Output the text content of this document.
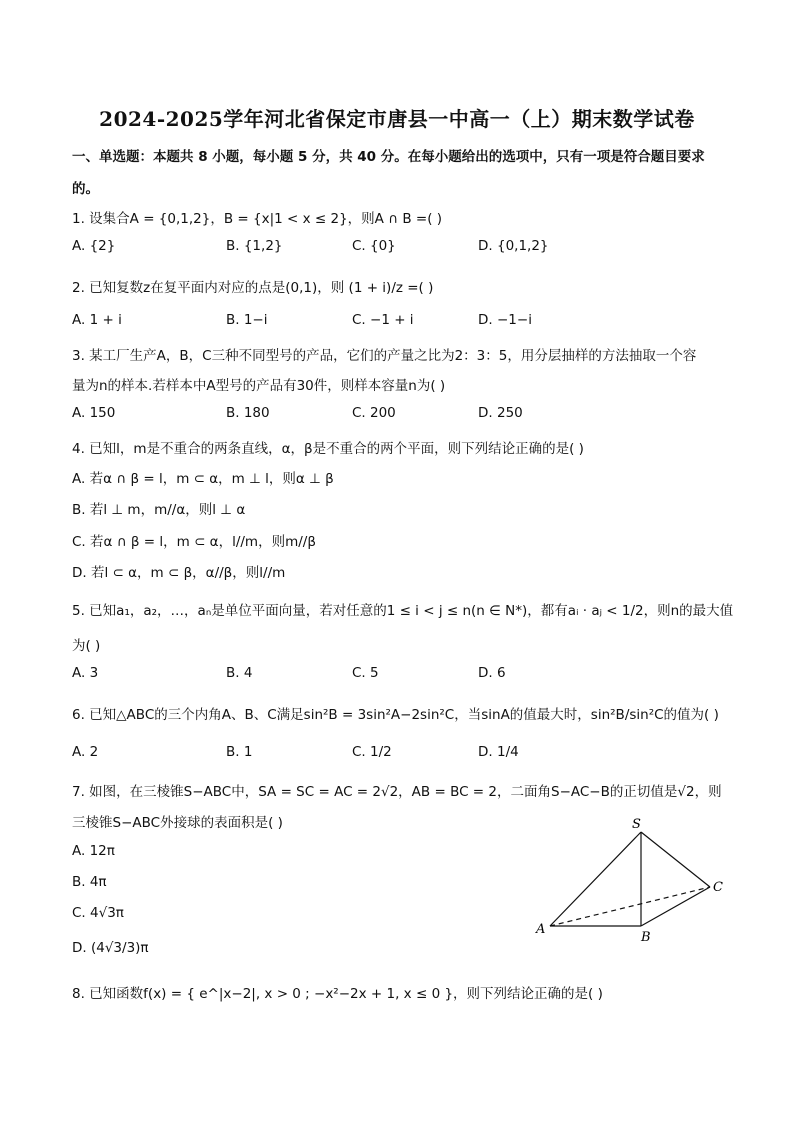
2024-2025学年河北省保定市唐县一中高一（上）期末数学试卷
一、单选题：本题共 8 小题，每小题 5 分，共 40 分。在每小题给出的选项中，只有一项是符合题目要求
的。
1. 设集合A = {0,1,2}，B = {x|1 < x ≤ 2}，则A ∩ B =( )
A. {2}	B. {1,2}	C. {0}	D. {0,1,2}
2. 已知复数z在复平面内对应的点是(0,1)，则 (1 + i)/z =( )
A. 1 + i	B. 1−i	C. −1 + i	D. −1−i
3. 某工厂生产A，B，C三种不同型号的产品，它们的产量之比为2：3：5，用分层抽样的方法抽取一个容
量为n的样本.若样本中A型号的产品有30件，则样本容量n为( )
A. 150	B. 180	C. 200	D. 250
4. 已知l，m是不重合的两条直线，α，β是不重合的两个平面，则下列结论正确的是( )
A. 若α ∩ β = l，m ⊂ α，m ⊥ l，则α ⊥ β
B. 若l ⊥ m，m//α，则l ⊥ α
C. 若α ∩ β = l，m ⊂ α，l//m，则m//β
D. 若l ⊂ α，m ⊂ β，α//β，则l//m
5. 已知a₁，a₂，…，aₙ是单位平面向量，若对任意的1 ≤ i < j ≤ n(n ∈ N*)，都有aᵢ · aⱼ < 1/2，则n的最大值
为( )
A. 3	B. 4	C. 5	D. 6
6. 已知△ABC的三个内角A、B、C满足sin²B = 3sin²A−2sin²C，当sinA的值最大时，sin²B/sin²C的值为( )
A. 2	B. 1	C. 1/2	D. 1/4
7. 如图，在三棱锥S−ABC中，SA = SC = AC = 2√2，AB = BC = 2，二面角S−AC−B的正切值是√2，则
三棱锥S−ABC外接球的表面积是( )
A. 12π
B. 4π
C. 4√3π
D. (4√3/3)π
S
A
B
C
8. 已知函数f(x) = { e^|x−2|, x > 0 ; −x²−2x + 1, x ≤ 0 }，则下列结论正确的是( )
